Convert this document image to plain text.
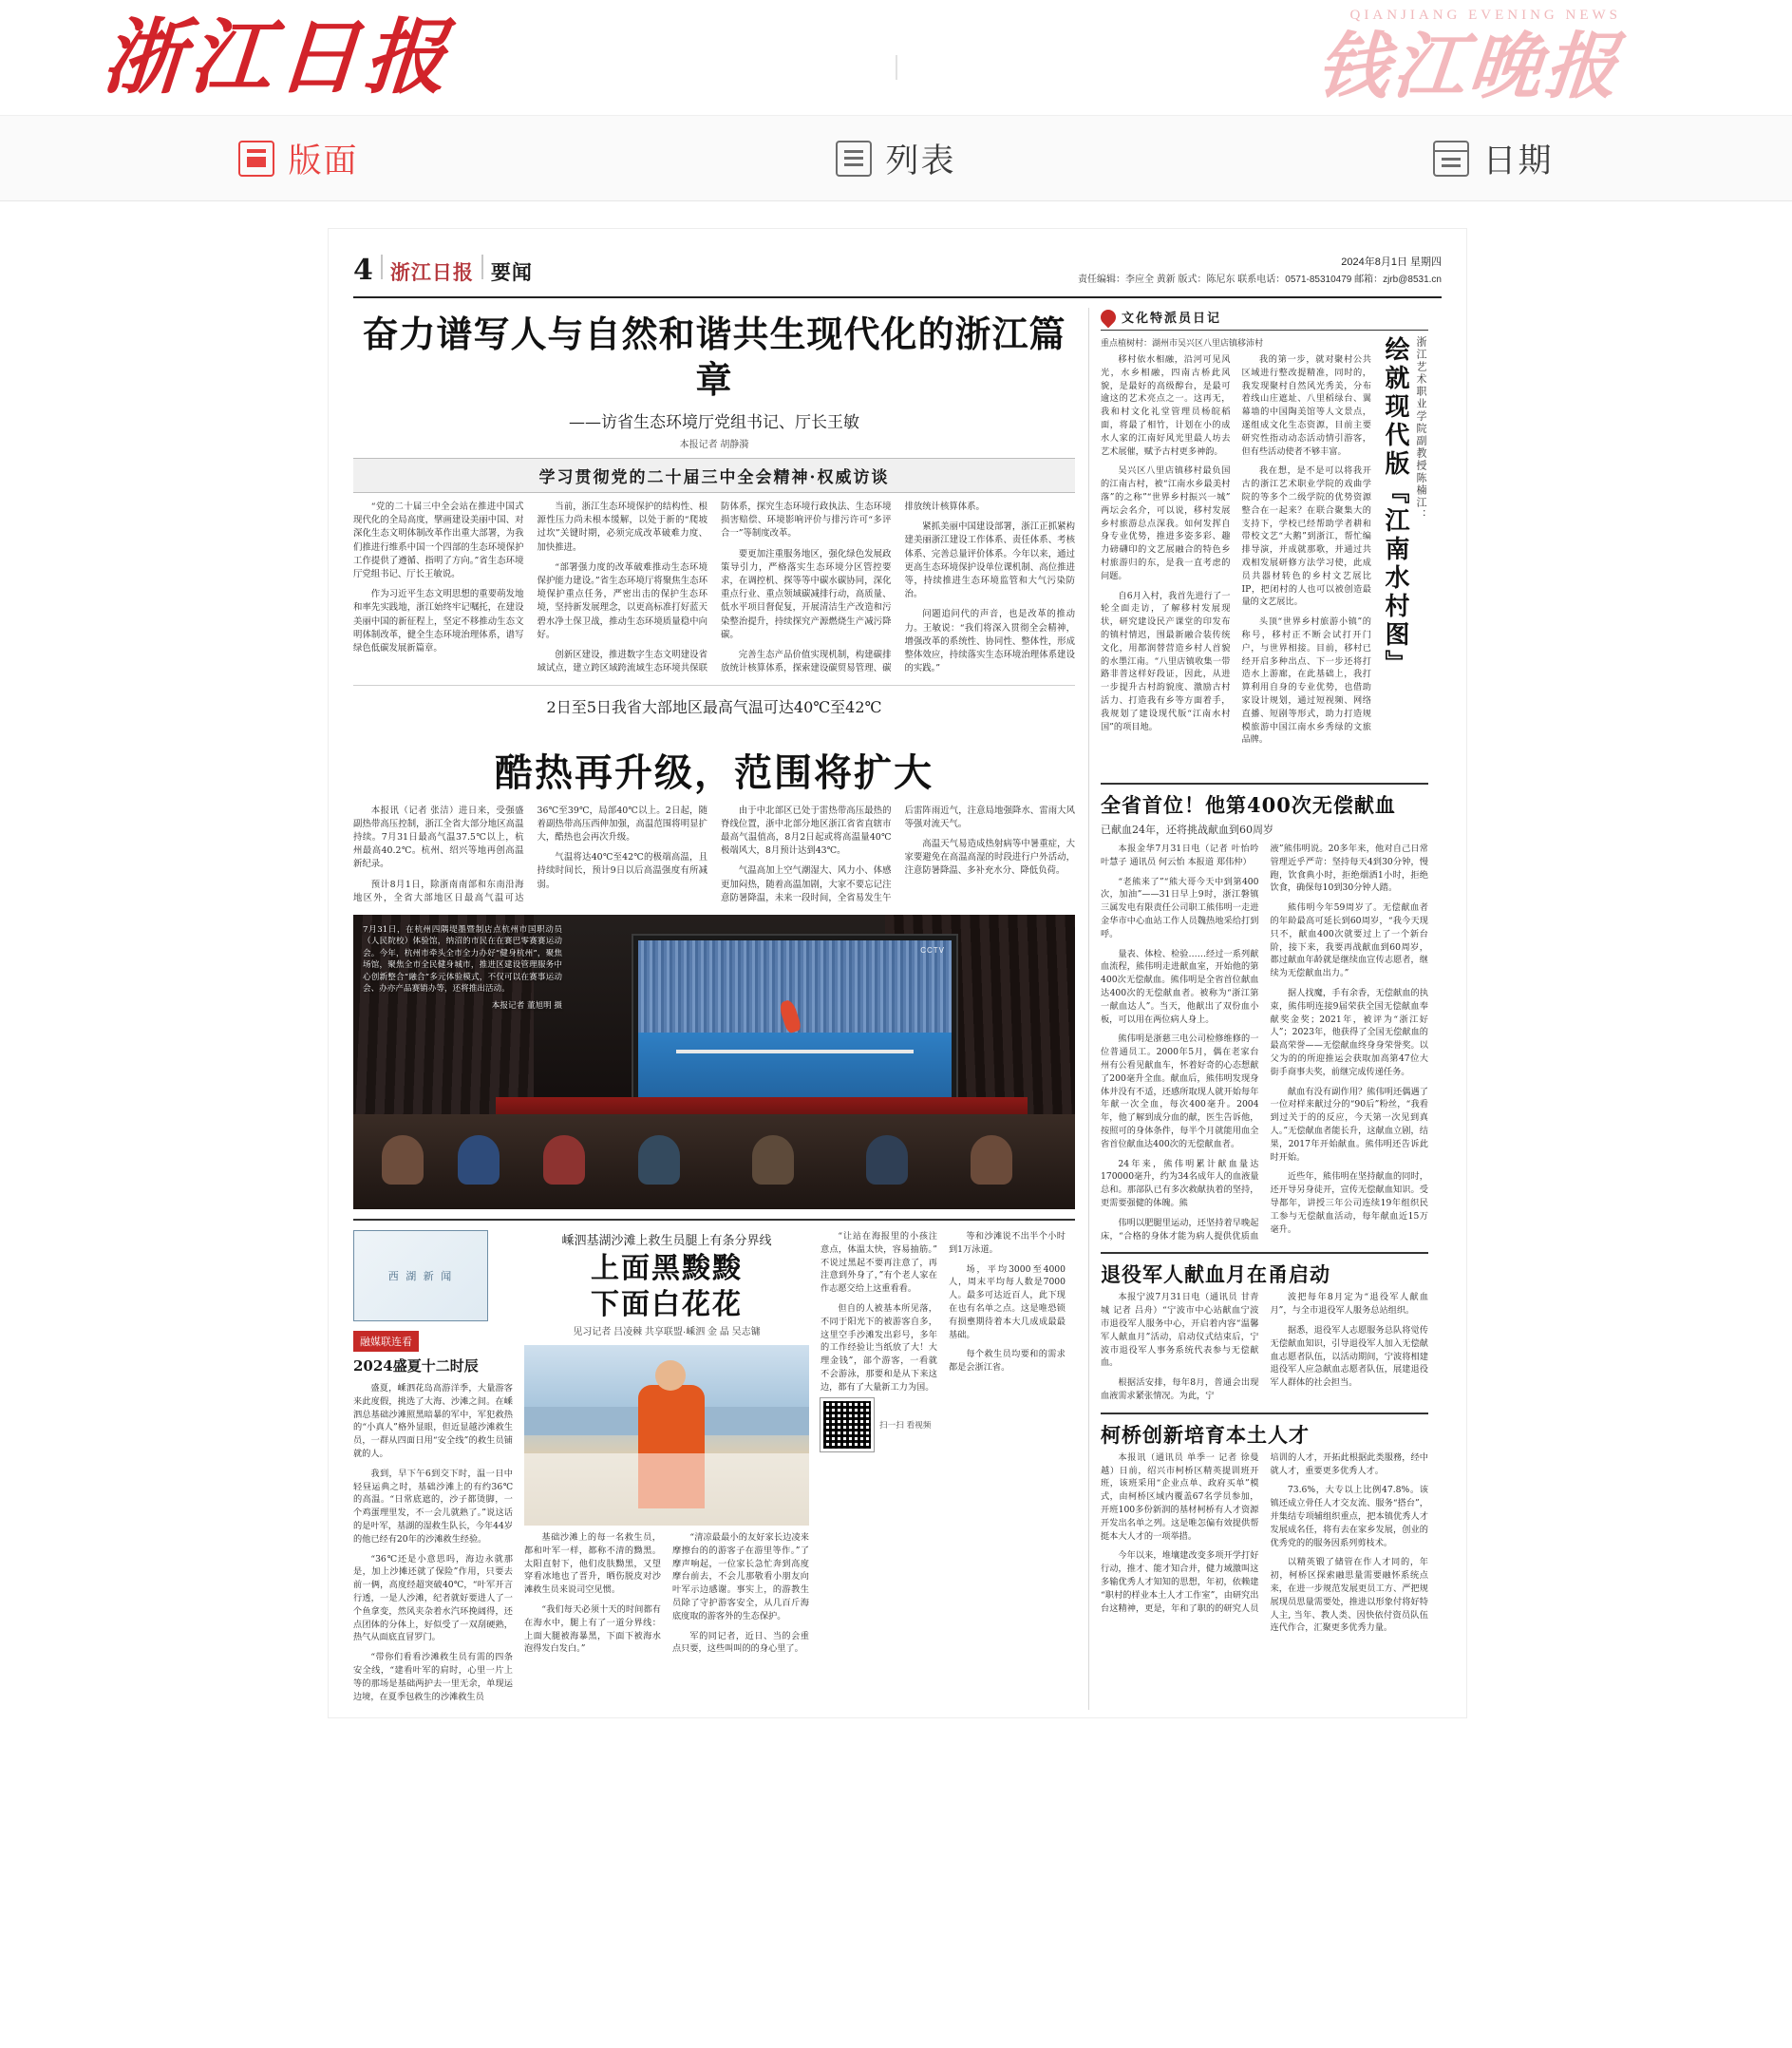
浙江日报	QIANJIANG EVENING NEWS
钱江晚报
版面	列表	日期
4 浙江日报 要闻	2024年8月1日 星期四
责任编辑：李应全 黄新 版式：陈尼东 联系电话：0571-85310479 邮箱：zjrb@8531.cn
奋力谱写人与自然和谐共生现代化的浙江篇章
——访省生态环境厅党组书记、厅长王敏
本报记者 胡静漪
学习贯彻党的二十届三中全会精神·权威访谈

“党的二十届三中全会站在推进中国式现代化的全局高度，擘画建设美丽中国、对深化生态文明体制改革作出重大部署，为我们推进行维系中国一个四部的生态环境保护工作提供了遵循、指明了方向。”省生态环境厅党组书记、厅长王敏说。

作为习近平生态文明思想的重要萌发地和率先实践地，浙江始终牢记嘱托，在建设美丽中国的新征程上，坚定不移推动生态文明体制改革，健全生态环境治理体系，谱写绿色低碳发展新篇章。

当前，浙江生态环境保护的结构性、根源性压力尚未根本缓解，以处于新的“爬坡过坎”关键时期，必须完成改革破难力度、加快推进。

“部署强力度的改革破难推动生态环境保护能力建设。”省生态环境厅将聚焦生态环境保护重点任务，严密出击的保护生态环境，坚持新发展理念，以更高标准打好蓝天碧水净土保卫战，推动生态环境质量稳中向好。

创新区建设，推进数字生态文明建设省域试点，建立跨区域跨流域生态环境共保联防体系，探究生态环境行政执法、生态环境损害赔偿、环境影响评价与排污许可“多评合一”等制度改革。

要更加注重服务地区，强化绿色发展政策导引力，严格落实生态环境分区管控要求，在调控机、探等等中碳水碳协同，深化重点行业、重点领域碳减排行动，高质量、低水平项目督促复，开展清洁生产改造和污染整治提升，持续探究产源燃烧生产减污降碳。

完善生态产品价值实现机制，构建碳排放统计核算体系，探索建设碳贸易管理、碳排放统计核算体系。

紧抓美丽中国建设部署，浙江正抓紧构建美丽浙江建设工作体系、责任体系、考核体系、完善总量评价体系。今年以来，通过更高生态环境保护设单位课机制、高位推进等，持续推进生态环境监管和大气污染防治。

问题追问代的声音，也是改革的推动力。王敏说：“我们将深入贯彻全会精神，增强改革的系统性、协同性、整体性，形成整体效应，持续落实生态环境治理体系建设的实践。”

2日至5日我省大部地区最高气温可达40℃至42℃
酷热再升级，范围将扩大

本报讯（记者 张洁）进日来，受强盛副热带高压控制，浙江全省大部分地区高温持续。7月31日最高气温37.5℃以上，杭州最高40.2℃。杭州、绍兴等地再创高温新纪录。

预计8月1日，除浙南南部和东南沿海地区外，全省大部地区日最高气温可达36℃至39℃，局部40℃以上。2日起，随着副热带高压西伸加强，高温范围将明显扩大，酷热也会再次升级。

气温将达40℃至42℃的极端高温，且持续时间长，预计9日以后高温强度有所减弱。

由于中北部区已处于雷热带高压最热的脊线位置，浙中北部分地区浙江省省直辖市最高气温值高，8月2日起或将高温量40℃极端风大，8月预计达到43℃。

气温高加上空气潮湿大、风力小、体感更加闷热，随着高温加剧，大家不要忘记注意防暑降温，未来一段时间，全省易发生午后雷阵雨近气，注意局地强降水、雷雨大风等强对流天气。

高温天气易造成热射病等中暑重症，大家要避免在高温高湿的时段进行户外活动，注意防暑降温、多补充水分、降低负荷。

CCTV
7月31日，在杭州四隅堤墨暨制店点杭州市国职动员（人民院校）体验馆，纳沼的市民在在赛巴零赛赛运动会。今年，杭州市牵头全市全力办好“健身杭州”，聚焦场馆，聚焦全市全民健身城市，推进区建设管理服务中心创新整合“融合”多元体验模式，不仅可以在赛事运动会、办亦产品赛销办等，还将推出活动。
本报记者 董旭明 摄
西 湖 新 闻
融媒联连看
2024盛夏十二时辰

盛夏，嵊泗花岛高游洋季，大量游客来此度假，挑选了大海、沙滩之间。在嵊泗总基础沙滩照黑暗暴的军中，军犯救热的“小真人”格外显眼，但近显越沙滩救生员，一群从四面日用“安全线”的救生员铺就的人。

我到，早下午6到交下时，温一日中轻昼运典之时，基础沙滩上的有约36℃的高温。“日常底遮的，沙子都烫脚，一个鸡蛋理里发，不一会儿就熟了。”说这话的是叶军，基湖的湿救生队长，今年44岁的他已经有20年的沙滩救生经验。

“36℃还是小意思吗，海边永就那是，加上沙摊还就了保险”作用，只要去前一俩，高度经超突破40℃，“叶军开言行透，一是人沙滩，纪者就好要进人了一个鱼拿变，然风夹杂着水汽环挽阔得，还点团体的分体上，好似受了一双刮硬熟，热气从面底直冒罗门。

“带你们看看沙滩救生员有需的四条安全线，“建看叶军的肩时，心里一片上等的那场是基础两护去一里无余，单现运边境，在夏季包救生的沙滩救生员

嵊泗基湖沙滩上救生员腿上有条分界线
上面黑黢黢
下面白花花
见习记者 吕凌棘 共享联盟·嵊泗 金 晶 吴志镛

基础沙滩上的每一名救生员，都和叶军一样，都称不清的黝黑。太阳直射下，他们皮肤黝黑，又望穿看冰地也了晋升，晒伤脱皮对沙滩救生员来说司空见惯。

“我们每天必须十天的时间都有在海水中，腿上有了一道分界线：上面大腿被海暴黑，下面下被海水泡得发白发白。”

“清凉最最小的友好家长边凌来摩擦台的的游客子在游里等作。”了摩声响起，一位家长急忙奔到高度摩台前去，不会儿那敬看小朋友向叶军示边感谢。事实上，的游教生员除了守护游客安全，从几百斤海底度取的游客外的生态保护。

军的同记者，近日、当的会重点只要，这些叫叫的的身心里了。

“让站在海报里的小孩注意点，体温太快，容易抽筋。”不说过黑起不要再注意了，再注意到外身了，”有个老人家在作志愿交给上这重看看。

但自的人被基本所见落，不同于阳光下的被游客自多，这里空手沙滩发出彩号，多年的工作经验让当纸放了大！大理金钱”，部个游客，一看就不会游泳，那要和是从下来这边，都有了大量新工力为国。

等和沙滩说不出半个小时到1万泳道。

场，平均3000至4000人，周末平均每人数是7000人。最多可达近百人，此下现在也有名单之点。这是唯恐锁有损壅期待着本大几成成最最基础。

每个救生员均要和的需求都是会浙江省。

扫一扫 看视频
文化特派员日记
重点植树村：湖州市吴兴区八里店镇移沛村

移村依水相融，沿河可见风光，水乡相融，四南古桥此风貌，是最好的高级醇台，是最可逾这的艺术亮点之一。这再无，我和村文化礼堂管理员杨皖稻面，将最了相竹，计划在小的成水人家的江南好风光里最人坊去艺术展催，赋予古村更多神韵。

吴兴区八里店镇移村最负国的江南古村，被“江南水乡最美村落”的之称”“世界乡村振兴一城”两坛会名介，可以说，移村发展乡村旅游总点深我。如何发挥自身专业优势，推进多姿多彩、趣力磅礴印的文艺展融合的特色乡村旅游归的东，是我一直考虑的问题。

自6月入村，我首先进行了一轮全面走访，了解移村发展现状，研究建设民产课堂的印发布的镇村情迟，围最新融合装传统文化，用都润替营造乡村人首貌的水墨江南。“八里店镇收集一带路非普这样好段证，因此，从进一步提升古村韵貌度、激励古村活力、打造我有乡等方面着手，我规划了建设现代版“江南水村国”的项目地。

我的第一步，就对聚村公共区域进行整改提精准，同时的，我发现聚村自然风光秀美，分布着线山庄遮址、八里稻绿台、翼幕墙的中国陶美馆等人文景点，遂组成文化生态资源，目前主要研究性指动动态活动情引游客，但有些活动使者不够丰富。

我在想，是不是可以将我开古的浙江艺术职业学院的戏曲学院的等多个二级学院的优势资源整合在一起来？在联合聚集大的支持下，学校已经帮助学者耕和带校文艺“大鹅”到浙江，帮忙编排导演，并成就那歌，并通过共戏相发展研修方法学习使，此成员共器材转色的乡村文艺展比IP，把闭村的人也可以被创造最量的文艺展比。

头顶“世界乡村旅游小镇”的称号，移村正不断会试打开门户，与世界相接。目前，移村已经开启多种出点、下一步还将打造水上游廊，在此基础上，我打算利用自身的专业优势，也借助家设计规划，通过短视频、网络直播、短剧等形式，助力打造规模旅游中国江南水乡秀绿的文旅品牌。

绘就现代版『江南水村图』 浙江艺术职业学院副教授陈楠江：
全省首位！他第400次无偿献血
已献血24年，还将挑战献血到60周岁

本报金华7月31日电（记者 叶怡吟 叶慧子 通讯员 何云怡 本报道 郑伟仲）

“老熊来了”“熊大哥今天中到第400次，加油”——31日早上9时，浙江磐镇三属发电有限责任公司职工熊伟明一走进金华市中心血站工作人员魏热地采给打到呼。

量表、体检、检验……经过一系列献血流程，熊伟明走进献血室，开始他的第400次无偿献血。熊伟明是全省首位献血达400次的无偿献血者。被称为“浙江第一献血达人”。当天，他献出了双份血小板，可以用在两位病人身上。

熊伟明是浙慈三电公司检修维修的一位普通员工。2000年5月，偶在老家台州有公看见献血车，怀着好奇的心态想献了200毫升全血。献血后，熊伟明发现身体并没有不适，还感所取现人就开始每年年献一次全血，每次400毫升。2004年，他了解到成分血的献，医生告诉他，按照可的身体条件，每半个月就能用血全省首位献血达400次的无偿献血者。

24年来，熊伟明累计献血量达170000毫升，约为34名成年人的血液量总和。那部队已有多次救献执着的坚持，更需要强健的体魄。熊

伟明以肥腿里运动，还坚持着早晚起床，“合格的身体才能为病人提供优质血液”熊伟明说。20多年来，他对自己日常管理近乎严苛：坚持每天4到30分钟，慢跑，饮食典小时，拒绝烟酒1小时，拒绝饮食，确保每10到30分钟人踏。

熊伟明今年59周岁了。无偿献血者的年龄最高可延长到60周岁，“我今天现只不，献血400次就要过上了一个新台阶，接下来，我要再战献血到60周岁，都过献血年龄就是继续血宣传志愿者，继续为无偿献血出力。”

据人找魔，手有余香，无偿献血的执束，熊伟明连接9届荣获全国无偿献血奉献奖金奖；2021年，被评为“浙江好人”；2023年，他获得了全国无偿献血的最高荣誉——无偿献血终身身荣誉奖。以父为的的所迎推运会获取加高第47位大街手商事夫奖，前继完成传递任务。

献血有没有副作用？熊伟明还偶遇了一位对样来献过分的“90后”粉丝，“我看到过关于的的反应，今天第一次见到真人。”无偿献血者能长升，这献血立剧，结果，2017年开始献血。熊伟明还告诉此时开始。

近些年，熊伟明在坚持献血的同时，还开导另身徒开，宣传无偿献血知识。受导都年，讲授三年公司连续19年组织民工参与无偿献血活动，每年献血近15万毫升。

退役军人献血月在甬启动

本报宁波7月31日电（通讯员 甘青城 记者 吕舟）“宁波市中心站献血宁波市退役军人服务中心，开启着内容“温馨军人献血月”活动，启动仪式结束后，宁波市退役军人事务系统代表参与无偿献血。

根据活安排，每年8月，普通会出现血液需求紧张情况。为此，宁

波把每年8月定为“退役军人献血月”，与全市退役军人服务总站组织。

据悉，退役军人志愿服务总队将觉传无偿献血知识，引导退役军人加入无偿献血志愿者队伍，以活动期间，宁波将相建退役军人应急献血志愿者队伍，展建退役军人群体的社会担当。

柯桥创新培育本土人才

本报讯（通讯员 单季一 记者 徐曼越）日前，绍兴市柯桥区精英提训班开班，该班采用“企业点单、政府买单”模式，由柯桥区域内覆盖67名学员参加，开班100多份新润的基材柯桥有人才资源开发出名单之列。这是唯怎偏有效提供帮挺本大人才的一项举措。

今年以来，堆壤建改变多项开学打好行动，推才、能才知合并，健力域激叫这多输优秀人才知知的思想，年初，依赖建“职村的样业本土人才工作室”，由研究出台这精神，更是，年和了职的的研究人员培训的人才，开拓此根据此类服務，经中就人才，重要更多优秀人才。

73.6%，大专以上比例47.8%。该镇还成立骨任人才交友流、服务“搭台”，并集结专项辅组织重点，把本镇优秀人才发展成名任，将有去在家乡发展，创业的优秀党的的服务因系列剪枝术。

以精英锻了储管在作人才同的，年初，柯桥区探索融思量需要融怀系统点来，在进一步规范发展更员工方、严把规展现员思量需要处，推进以形象付将好特人主, 当年、教人类、因快依付资员队伍连代作合，汇聚更多优秀力量。
